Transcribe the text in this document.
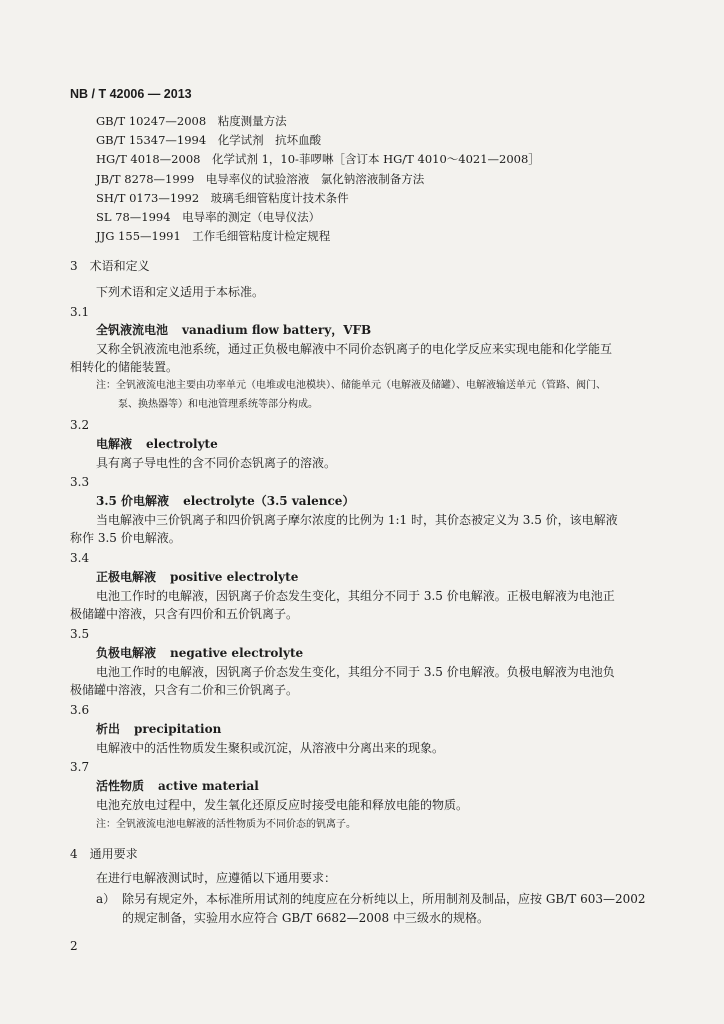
NB / T 42006 — 2013
GB/T 10247—2008　粘度测量方法
GB/T 15347—1994　化学试剂　抗坏血酸
HG/T 4018—2008　化学试剂 1，10-菲啰啉［含订本 HG/T 4010～4021—2008］
JB/T 8278—1999　电导率仪的试验溶液　氯化钠溶液制备方法
SH/T 0173—1992　玻璃毛细管粘度计技术条件
SL 78—1994　电导率的测定（电导仪法）
JJG 155—1991　工作毛细管粘度计检定规程
3　术语和定义
下列术语和定义适用于本标准。
3.1
全钒液流电池 vanadium flow battery，VFB
又称全钒液流电池系统，通过正负极电解液中不同价态钒离子的电化学反应来实现电能和化学能互
相转化的储能装置。
注：全钒液流电池主要由功率单元（电堆或电池模块）、储能单元（电解液及储罐）、电解液输送单元（管路、阀门、
泵、换热器等）和电池管理系统等部分构成。
3.2
电解液 electrolyte
具有离子导电性的含不同价态钒离子的溶液。
3.3
3.5 价电解液 electrolyte（3.5 valence）
当电解液中三价钒离子和四价钒离子摩尔浓度的比例为 1:1 时，其价态被定义为 3.5 价，该电解液
称作 3.5 价电解液。
3.4
正极电解液 positive electrolyte
电池工作时的电解液，因钒离子价态发生变化，其组分不同于 3.5 价电解液。正极电解液为电池正
极储罐中溶液，只含有四价和五价钒离子。
3.5
负极电解液 negative electrolyte
电池工作时的电解液，因钒离子价态发生变化，其组分不同于 3.5 价电解液。负极电解液为电池负
极储罐中溶液，只含有二价和三价钒离子。
3.6
析出 precipitation
电解液中的活性物质发生聚积或沉淀，从溶液中分离出来的现象。
3.7
活性物质 active material
电池充放电过程中，发生氧化还原反应时接受电能和释放电能的物质。
注：全钒液流电池电解液的活性物质为不同价态的钒离子。
4　通用要求
在进行电解液测试时，应遵循以下通用要求：
a） 除另有规定外，本标准所用试剂的纯度应在分析纯以上，所用制剂及制品，应按 GB/T 603—2002
的规定制备，实验用水应符合 GB/T 6682—2008 中三级水的规格。
2
